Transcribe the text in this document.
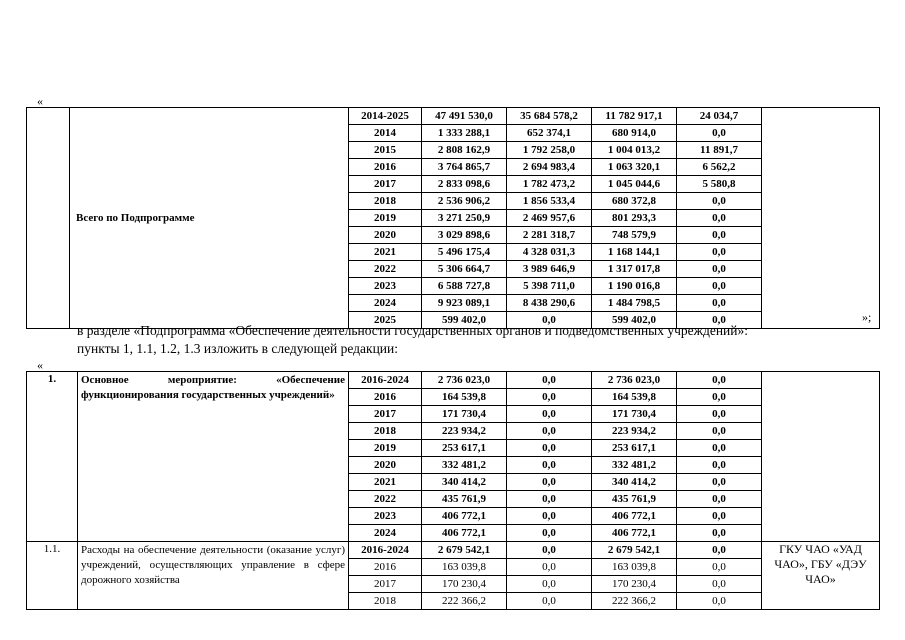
«
	Всего по Подпрограмме	2014-2025	47 491 530,0	35 684 578,2	11 782 917,1	24 034,7	
		2014	1 333 288,1	652 374,1	680 914,0	0,0	
		2015	2 808 162,9	1 792 258,0	1 004 013,2	11 891,7	
		2016	3 764 865,7	2 694 983,4	1 063 320,1	6 562,2	
		2017	2 833 098,6	1 782 473,2	1 045 044,6	5 580,8	
		2018	2 536 906,2	1 856 533,4	680 372,8	0,0	
		2019	3 271 250,9	2 469 957,6	801 293,3	0,0	
		2020	3 029 898,6	2 281 318,7	748 579,9	0,0	
		2021	5 496 175,4	4 328 031,3	1 168 144,1	0,0	
		2022	5 306 664,7	3 989 646,9	1 317 017,8	0,0	
		2023	6 588 727,8	5 398 711,0	1 190 016,8	0,0	
		2024	9 923 089,1	8 438 290,6	1 484 798,5	0,0	
		2025	599 402,0	0,0	599 402,0	0,0		»;
в разделе «Подпрограмма «Обеспечение деятельности государственных органов и подведомственных учреждений»:
пункты 1, 1.1, 1.2, 1.3 изложить в следующей редакции:
«
1.	Основное мероприятие: «Обеспечение функционирования государственных учреждений»	2016-2024	2 736 023,0	0,0	2 736 023,0	0,0	
		2016	164 539,8	0,0	164 539,8	0,0	
		2017	171 730,4	0,0	171 730,4	0,0	
		2018	223 934,2	0,0	223 934,2	0,0	
		2019	253 617,1	0,0	253 617,1	0,0	
		2020	332 481,2	0,0	332 481,2	0,0	
		2021	340 414,2	0,0	340 414,2	0,0	
		2022	435 761,9	0,0	435 761,9	0,0	
		2023	406 772,1	0,0	406 772,1	0,0	
		2024	406 772,1	0,0	406 772,1	0,0	
1.1.	Расходы на обеспечение деятельности (оказание услуг) учреждений, осуществляющих управление в сфере дорожного хозяйства	2016-2024	2 679 542,1	0,0	2 679 542,1	0,0	ГКУ ЧАО «УАД ЧАО», ГБУ «ДЭУ ЧАО»
		2016	163 039,8	0,0	163 039,8	0,0	
		2017	170 230,4	0,0	170 230,4	0,0	
		2018	222 366,2	0,0	222 366,2	0,0	
